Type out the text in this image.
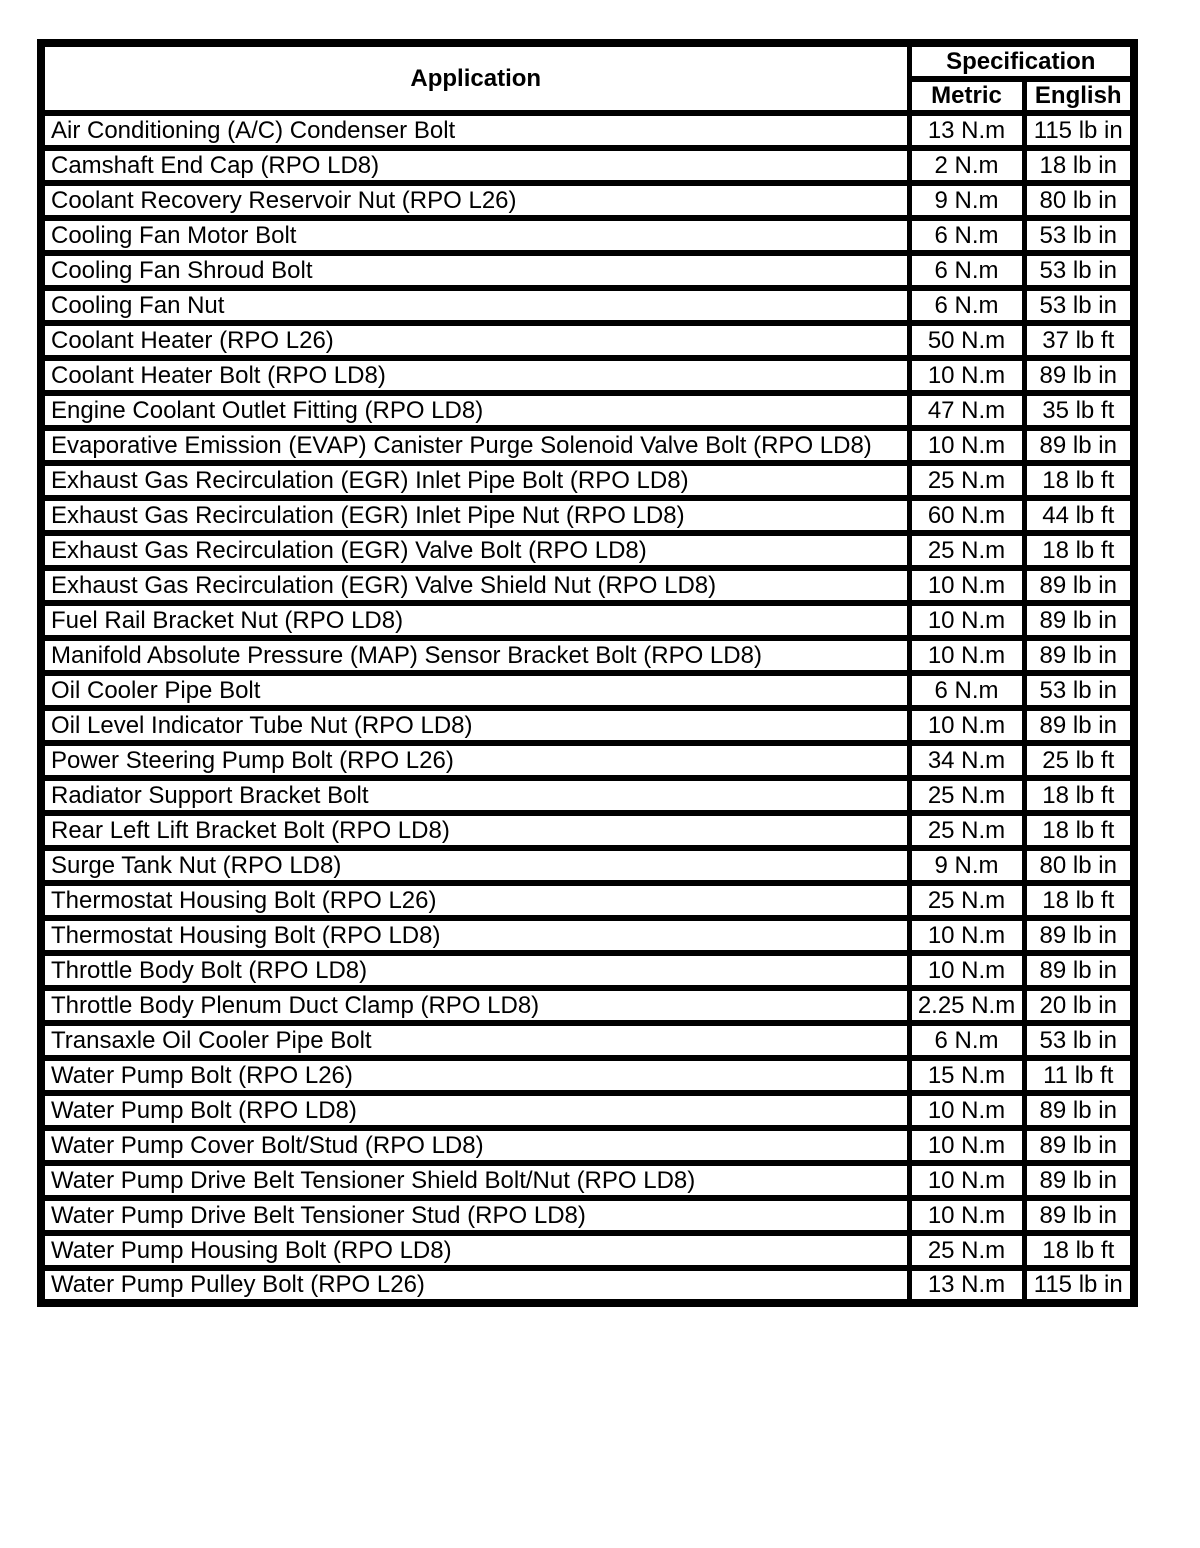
Application	Specification	
	Metric	English
Air Conditioning (A/C) Condenser Bolt	13 N.m	115 lb in
Camshaft End Cap (RPO LD8)	2 N.m	18 lb in
Coolant Recovery Reservoir Nut (RPO L26)	9 N.m	80 lb in
Cooling Fan Motor Bolt	6 N.m	53 lb in
Cooling Fan Shroud Bolt	6 N.m	53 lb in
Cooling Fan Nut	6 N.m	53 lb in
Coolant Heater (RPO L26)	50 N.m	37 lb ft
Coolant Heater Bolt (RPO LD8)	10 N.m	89 lb in
Engine Coolant Outlet Fitting (RPO LD8)	47 N.m	35 lb ft
Evaporative Emission (EVAP) Canister Purge Solenoid Valve Bolt (RPO LD8)	10 N.m	89 lb in
Exhaust Gas Recirculation (EGR) Inlet Pipe Bolt (RPO LD8)	25 N.m	18 lb ft
Exhaust Gas Recirculation (EGR) Inlet Pipe Nut (RPO LD8)	60 N.m	44 lb ft
Exhaust Gas Recirculation (EGR) Valve Bolt (RPO LD8)	25 N.m	18 lb ft
Exhaust Gas Recirculation (EGR) Valve Shield Nut (RPO LD8)	10 N.m	89 lb in
Fuel Rail Bracket Nut (RPO LD8)	10 N.m	89 lb in
Manifold Absolute Pressure (MAP) Sensor Bracket Bolt (RPO LD8)	10 N.m	89 lb in
Oil Cooler Pipe Bolt	6 N.m	53 lb in
Oil Level Indicator Tube Nut (RPO LD8)	10 N.m	89 lb in
Power Steering Pump Bolt (RPO L26)	34 N.m	25 lb ft
Radiator Support Bracket Bolt	25 N.m	18 lb ft
Rear Left Lift Bracket Bolt (RPO LD8)	25 N.m	18 lb ft
Surge Tank Nut (RPO LD8)	9 N.m	80 lb in
Thermostat Housing Bolt (RPO L26)	25 N.m	18 lb ft
Thermostat Housing Bolt (RPO LD8)	10 N.m	89 lb in
Throttle Body Bolt (RPO LD8)	10 N.m	89 lb in
Throttle Body Plenum Duct Clamp (RPO LD8)	2.25 N.m	20 lb in
Transaxle Oil Cooler Pipe Bolt	6 N.m	53 lb in
Water Pump Bolt (RPO L26)	15 N.m	11 lb ft
Water Pump Bolt (RPO LD8)	10 N.m	89 lb in
Water Pump Cover Bolt/Stud (RPO LD8)	10 N.m	89 lb in
Water Pump Drive Belt Tensioner Shield Bolt/Nut (RPO LD8)	10 N.m	89 lb in
Water Pump Drive Belt Tensioner Stud (RPO LD8)	10 N.m	89 lb in
Water Pump Housing Bolt (RPO LD8)	25 N.m	18 lb ft
Water Pump Pulley Bolt (RPO L26)	13 N.m	115 lb in
